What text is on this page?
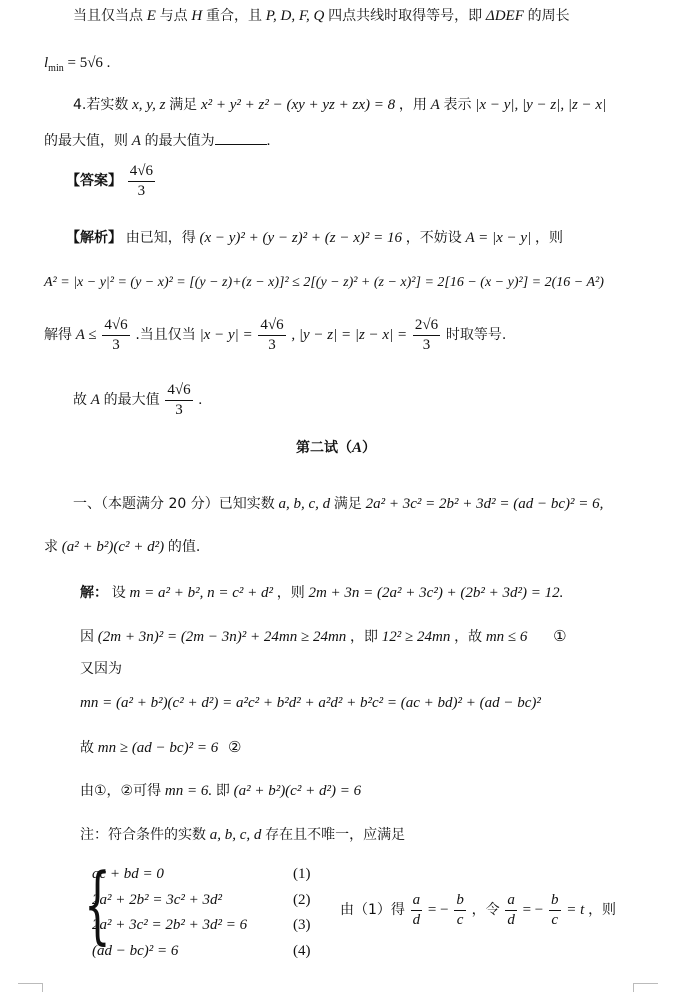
当且仅当点 E 与点 H 重合，且 P, D, F, Q 四点共线时取得等号，即 ΔDEF 的周长
$l_{min} = 5√6$ .
4.若实数 x, y, z 满足 x² + y² + z² − (xy + yz + zx) = 8 ，用 A 表示 |x − y|, |y − z|, |z − x|
的最大值，则 A 的最大值为	.
【答案】 $\frac{4√6}{3}$
【解析】 由已知，得 (x − y)² + (y − z)² + (z − x)² = 16 ，不妨设 A = |x − y| ，则
A² = |x − y|² = (y − x)² = [(y − z)+(z − x)]² ≤ 2[(y − z)² + (z − x)²] = 2[16 − (x − y)²] = 2(16 − A²)
解得 $A \le \frac{4√6}{3}$ .当且仅当 $|x - y| = \frac{4√6}{3}$ , $|y - z| = |z - x| = \frac{2√6}{3}$ 时取等号.
故 A 的最大值 $\frac{4√6}{3}$ .
第二试（A）
一、（本题满分 20 分）已知实数 a, b, c, d 满足 2a² + 3c² = 2b² + 3d² = (ad − bc)² = 6,
求 (a² + b²)(c² + d²) 的值.
解： 设 m = a² + b², n = c² + d² ，则 2m + 3n = (2a² + 3c²) + (2b² + 3d²) = 12.
因 (2m + 3n)² = (2m − 3n)² + 24mn ≥ 24mn ，即 12² ≥ 24mn ，故 mn ≤ 6 ①
又因为
mn = (a² + b²)(c² + d²) = a²c² + b²d² + a²d² + b²c² = (ac + bd)² + (ad − bc)²
故 mn ≥ (ad − bc)² = 6 ②
由①，②可得 mn = 6. 即 (a² + b²)(c² + d²) = 6
注：符合条件的实数 a, b, c, d 存在且不唯一，应满足
{
ac + bd = 0	(1)
2a² + 2b² = 3c² + 3d²	(2)
2a² + 3c² = 2b² + 3d² = 6	(3)
(ad − bc)² = 6	(4)
由（1）得 $\frac{a}{d}$ = − $\frac{b}{c}$ ，令 $\frac{a}{d}$ = − $\frac{b}{c} = t$ ，则
